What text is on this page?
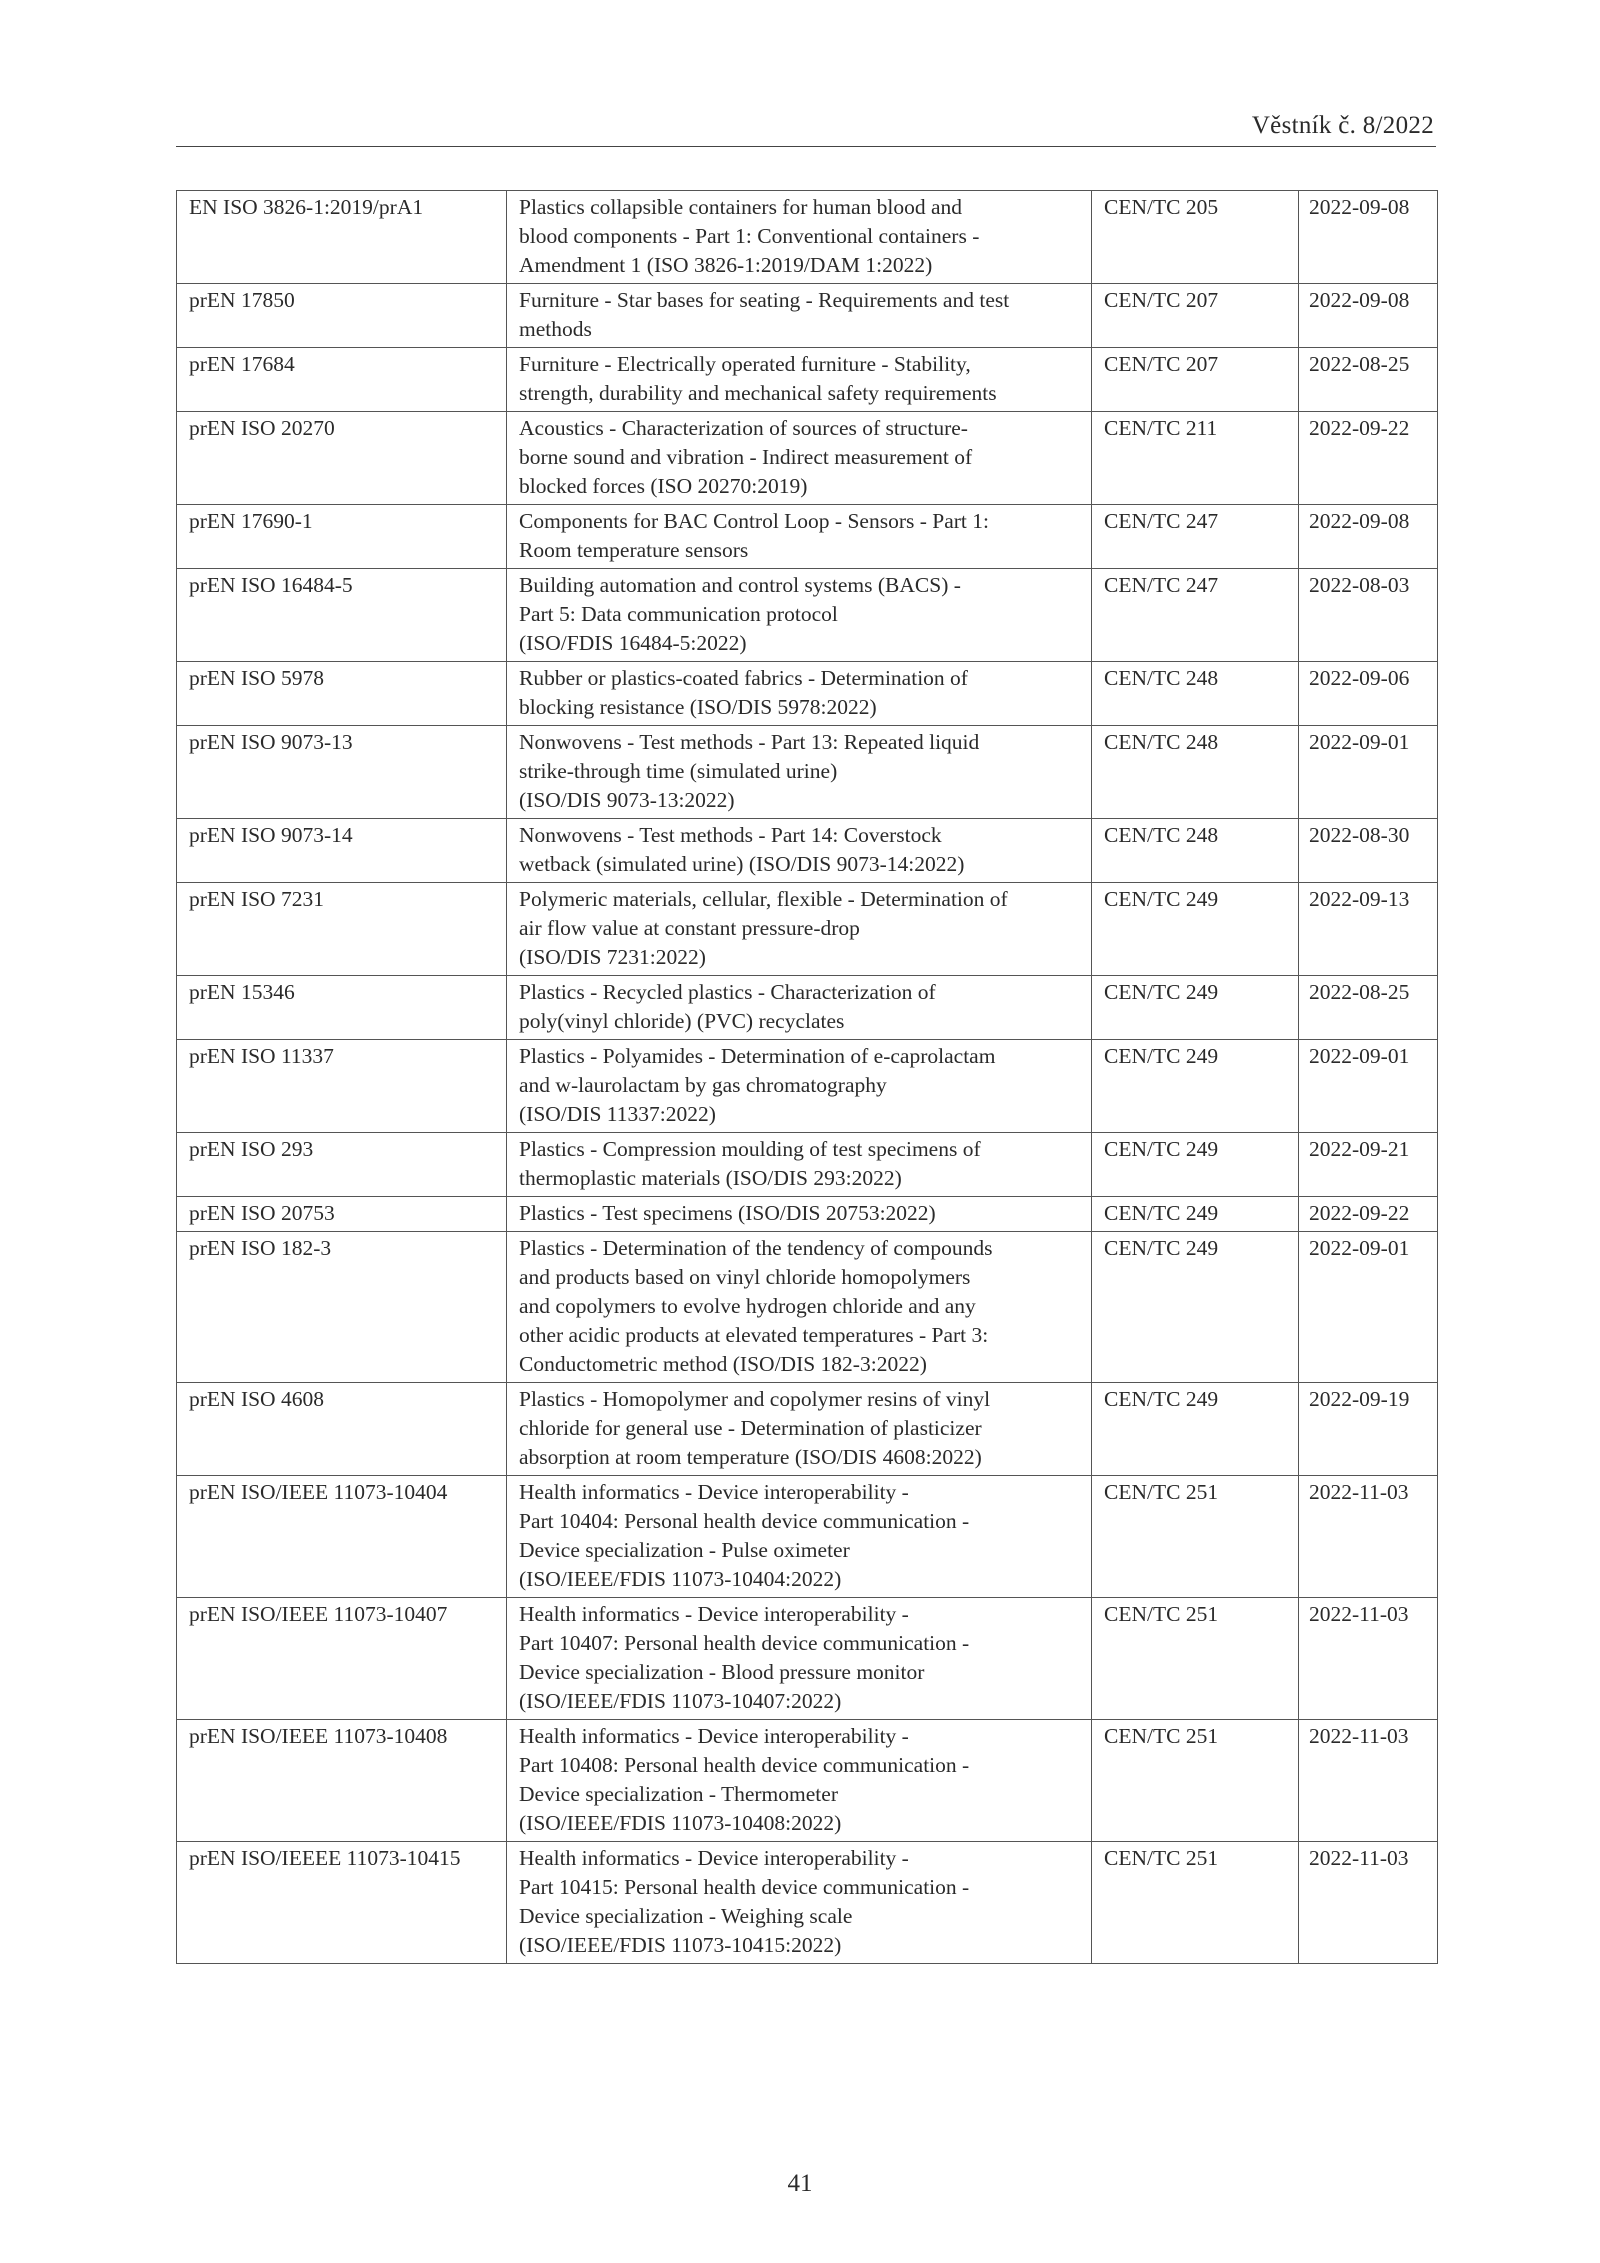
Věstník č. 8/2022
EN ISO 3826-1:2019/prA1	Plastics collapsible containers for human blood and
blood components - Part 1: Conventional containers -
Amendment 1 (ISO 3826-1:2019/DAM 1:2022)	CEN/TC 205	2022-09-08
prEN 17850	Furniture - Star bases for seating - Requirements and test
methods	CEN/TC 207	2022-09-08
prEN 17684	Furniture - Electrically operated furniture - Stability,
strength, durability and mechanical safety requirements	CEN/TC 207	2022-08-25
prEN ISO 20270	Acoustics - Characterization of sources of structure-
borne sound and vibration - Indirect measurement of
blocked forces (ISO 20270:2019)	CEN/TC 211	2022-09-22
prEN 17690-1	Components for BAC Control Loop - Sensors - Part 1:
Room temperature sensors	CEN/TC 247	2022-09-08
prEN ISO 16484-5	Building automation and control systems (BACS) -
Part 5: Data communication protocol
(ISO/FDIS 16484-5:2022)	CEN/TC 247	2022-08-03
prEN ISO 5978	Rubber or plastics-coated fabrics - Determination of
blocking resistance (ISO/DIS 5978:2022)	CEN/TC 248	2022-09-06
prEN ISO 9073-13	Nonwovens - Test methods - Part 13: Repeated liquid
strike-through time (simulated urine)
(ISO/DIS 9073-13:2022)	CEN/TC 248	2022-09-01
prEN ISO 9073-14	Nonwovens - Test methods - Part 14: Coverstock
wetback (simulated urine) (ISO/DIS 9073-14:2022)	CEN/TC 248	2022-08-30
prEN ISO 7231	Polymeric materials, cellular, flexible - Determination of
air flow value at constant pressure-drop
(ISO/DIS 7231:2022)	CEN/TC 249	2022-09-13
prEN 15346	Plastics - Recycled plastics - Characterization of
poly(vinyl chloride) (PVC) recyclates	CEN/TC 249	2022-08-25
prEN ISO 11337	Plastics - Polyamides - Determination of e-caprolactam
and w-laurolactam by gas chromatography
(ISO/DIS 11337:2022)	CEN/TC 249	2022-09-01
prEN ISO 293	Plastics - Compression moulding of test specimens of
thermoplastic materials (ISO/DIS 293:2022)	CEN/TC 249	2022-09-21
prEN ISO 20753	Plastics - Test specimens (ISO/DIS 20753:2022)	CEN/TC 249	2022-09-22
prEN ISO 182-3	Plastics - Determination of the tendency of compounds
and products based on vinyl chloride homopolymers
and copolymers to evolve hydrogen chloride and any
other acidic products at elevated temperatures - Part 3:
Conductometric method (ISO/DIS 182-3:2022)	CEN/TC 249	2022-09-01
prEN ISO 4608	Plastics - Homopolymer and copolymer resins of vinyl
chloride for general use - Determination of plasticizer
absorption at room temperature (ISO/DIS 4608:2022)	CEN/TC 249	2022-09-19
prEN ISO/IEEE 11073-10404	Health informatics - Device interoperability -
Part 10404: Personal health device communication -
Device specialization - Pulse oximeter
(ISO/IEEE/FDIS 11073-10404:2022)	CEN/TC 251	2022-11-03
prEN ISO/IEEE 11073-10407	Health informatics - Device interoperability -
Part 10407: Personal health device communication -
Device specialization - Blood pressure monitor
(ISO/IEEE/FDIS 11073-10407:2022)	CEN/TC 251	2022-11-03
prEN ISO/IEEE 11073-10408	Health informatics - Device interoperability -
Part 10408: Personal health device communication -
Device specialization - Thermometer
(ISO/IEEE/FDIS 11073-10408:2022)	CEN/TC 251	2022-11-03
prEN ISO/IEEEE 11073-10415	Health informatics - Device interoperability -
Part 10415: Personal health device communication -
Device specialization - Weighing scale
(ISO/IEEE/FDIS 11073-10415:2022)	CEN/TC 251	2022-11-03
41
